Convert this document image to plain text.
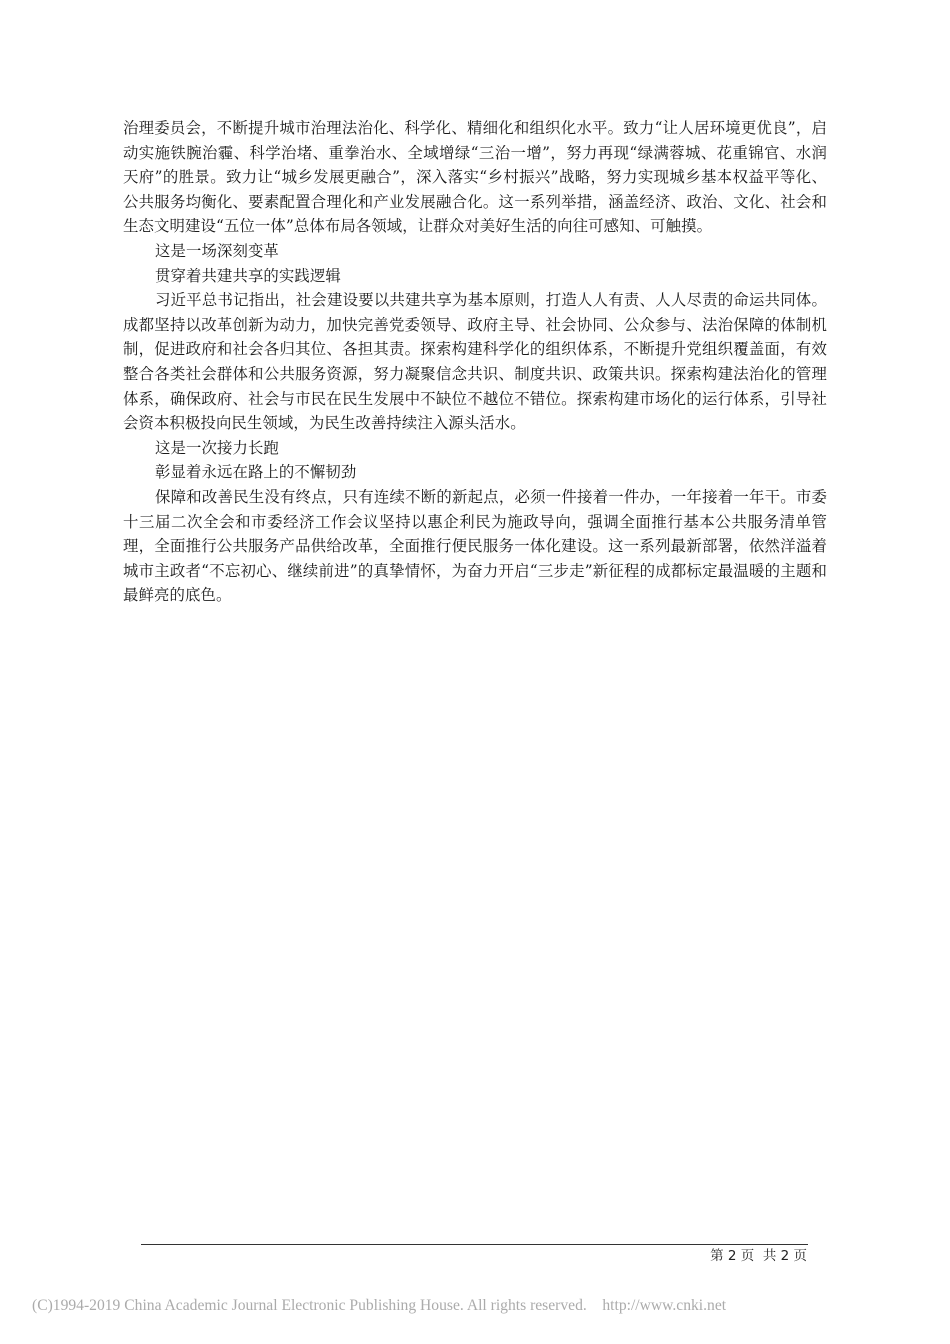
治理委员会，不断提升城市治理法治化、科学化、精细化和组织化水平。致力“让人居环境更优良”，启动实施铁腕治霾、科学治堵、重拳治水、全域增绿“三治一增”，努力再现“绿满蓉城、花重锦官、水润天府”的胜景。致力让“城乡发展更融合”，深入落实“乡村振兴”战略，努力实现城乡基本权益平等化、公共服务均衡化、要素配置合理化和产业发展融合化。这一系列举措，涵盖经济、政治、文化、社会和生态文明建设“五位一体”总体布局各领域，让群众对美好生活的向往可感知、可触摸。

这是一场深刻变革

贯穿着共建共享的实践逻辑

习近平总书记指出，社会建设要以共建共享为基本原则，打造人人有责、人人尽责的命运共同体。成都坚持以改革创新为动力，加快完善党委领导、政府主导、社会协同、公众参与、法治保障的体制机制，促进政府和社会各归其位、各担其责。探索构建科学化的组织体系，不断提升党组织覆盖面，有效整合各类社会群体和公共服务资源，努力凝聚信念共识、制度共识、政策共识。探索构建法治化的管理体系，确保政府、社会与市民在民生发展中不缺位不越位不错位。探索构建市场化的运行体系，引导社会资本积极投向民生领域，为民生改善持续注入源头活水。

这是一次接力长跑

彰显着永远在路上的不懈韧劲

保障和改善民生没有终点，只有连续不断的新起点，必须一件接着一件办，一年接着一年干。市委十三届二次全会和市委经济工作会议坚持以惠企利民为施政导向，强调全面推行基本公共服务清单管理，全面推行公共服务产品供给改革，全面推行便民服务一体化建设。这一系列最新部署，依然洋溢着城市主政者“不忘初心、继续前进”的真挚情怀，为奋力开启“三步走”新征程的成都标定最温暖的主题和最鲜亮的底色。

第 2 页  共 2 页
(C)1994-2019 China Academic Journal Electronic Publishing House. All rights reserved.    http://www.cnki.net
